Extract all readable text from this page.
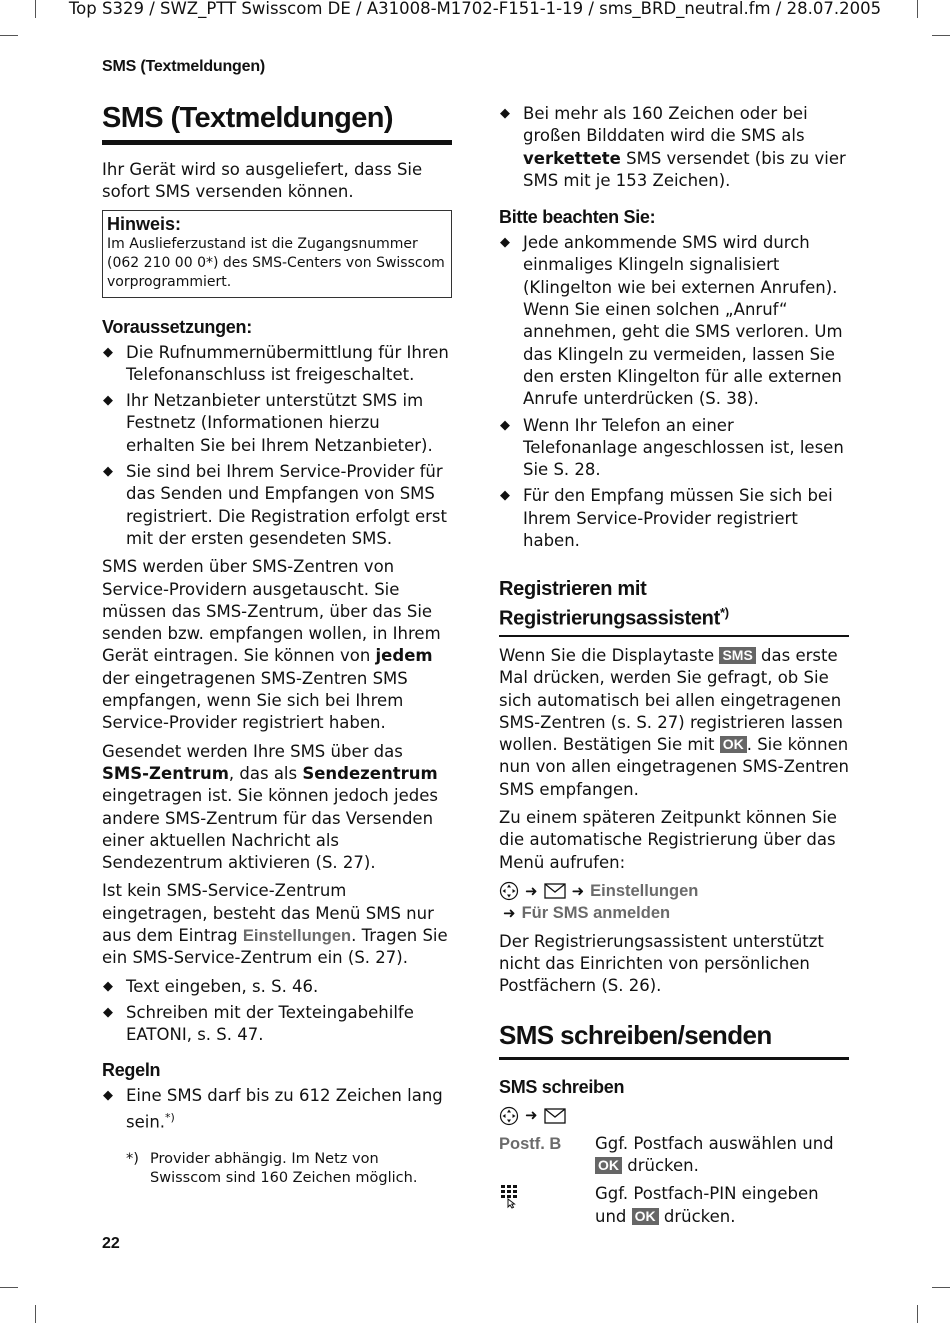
Top S329 / SWZ_PTT Swisscom DE / A31008-M1702-F151-1-19 / sms_BRD_neutral.fm / 28.07.2005
SMS (Textmeldungen)
SMS (Textmeldungen)

Ihr Gerät wird so ausgeliefert, dass Sie sofort SMS versenden können.

Hinweis:
Im Auslieferzustand ist die Zugangsnummer (062 210 00 0*) des SMS-Centers von Swisscom vorprogrammiert.
Voraussetzungen:
◆ Die Rufnummernübermittlung für Ihren Telefonanschluss ist freigeschaltet.
◆ Ihr Netzanbieter unterstützt SMS im Festnetz (Informationen hierzu erhalten Sie bei Ihrem Netzanbieter).
◆ Sie sind bei Ihrem Service-Provider für das Senden und Empfangen von SMS registriert. Die Registration erfolgt erst mit der ersten gesendeten SMS.

SMS werden über SMS-Zentren von Service-Providern ausgetauscht. Sie müssen das SMS-Zentrum, über das Sie senden bzw. empfangen wollen, in Ihrem Gerät eintragen. Sie können von jedem der eingetragenen SMS-Zentren SMS empfangen, wenn Sie sich bei Ihrem Service-Provider registriert haben.

Gesendet werden Ihre SMS über das SMS-Zentrum, das als Sendezentrum eingetragen ist. Sie können jedoch jedes andere SMS-Zentrum für das Versenden einer aktuellen Nachricht als Sendezentrum aktivieren (S. 27).

Ist kein SMS-Service-Zentrum eingetragen, besteht das Menü SMS nur aus dem Eintrag Einstellungen. Tragen Sie ein SMS-Service-Zentrum ein (S. 27).

◆ Text eingeben, s. S. 46.
◆ Schreiben mit der Texteingabehilfe EATONI, s. S. 47.
Regeln
◆ Eine SMS darf bis zu 612 Zeichen lang sein.*)
*) Provider abhängig. Im Netz von Swisscom sind 160 Zeichen möglich.
◆ Bei mehr als 160 Zeichen oder bei großen Bilddaten wird die SMS als verkettete SMS versendet (bis zu vier SMS mit je 153 Zeichen).
Bitte beachten Sie:
◆ Jede ankommende SMS wird durch einmaliges Klingeln signalisiert (Klingelton wie bei externen Anrufen). Wenn Sie einen solchen „Anruf“ annehmen, geht die SMS verloren. Um das Klingeln zu vermeiden, lassen Sie den ersten Klingelton für alle externen Anrufe unterdrücken (S. 38).
◆ Wenn Ihr Telefon an einer Telefonanlage angeschlossen ist, lesen Sie S. 28.
◆ Für den Empfang müssen Sie sich bei Ihrem Service-Provider registriert haben.
Registrieren mit
Registrierungsassistent*)

Wenn Sie die Displaytaste SMS das erste Mal drücken, werden Sie gefragt, ob Sie sich automatisch bei allen eingetragenen SMS-Zentren (s. S. 27) registrieren lassen wollen. Bestätigen Sie mit OK . Sie können nun von allen eingetragenen SMS-Zentren SMS empfangen.

Zu einem späteren Zeitpunkt können Sie die automatische Registrierung über das Menü aufrufen:

➜ ➜ Einstellungen
➜ Für SMS anmelden

Der Registrierungsassistent unterstützt nicht das Einrichten von persönlichen Postfächern (S. 26).

SMS schreiben/senden
SMS schreiben
➜
Postf. B	Ggf. Postfach auswählen und OK drücken.
Ggf. Postfach-PIN eingeben und OK drücken.
22
